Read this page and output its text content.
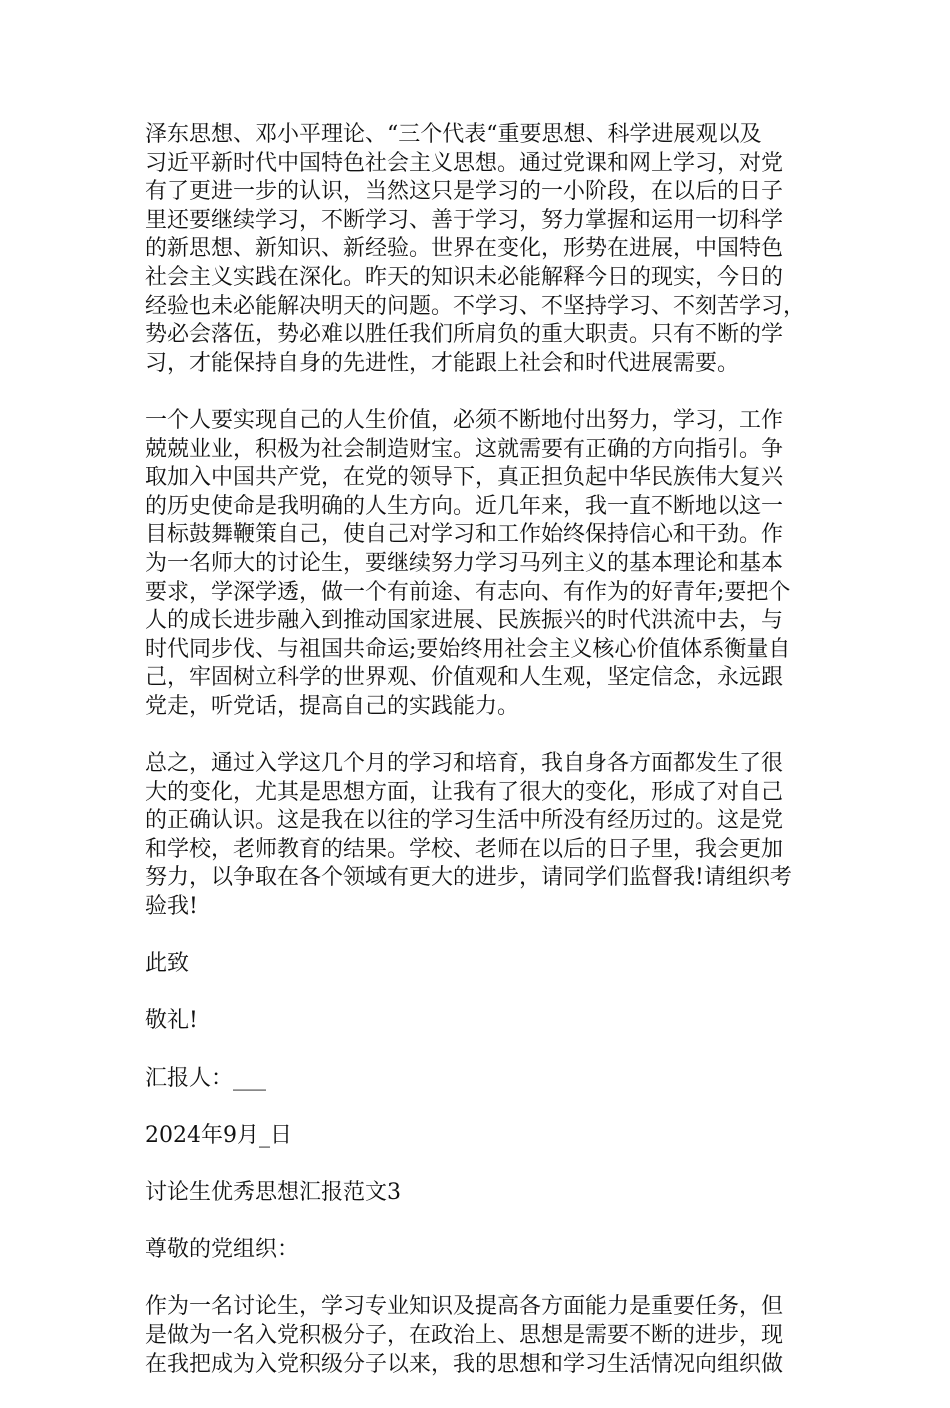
泽东思想、邓小平理论、“三个代表“重要思想、科学进展观以及
习近平新时代中国特色社会主义思想。通过党课和网上学习，对党
有了更进一步的认识，当然这只是学习的一小阶段，在以后的日子
里还要继续学习，不断学习、善于学习，努力掌握和运用一切科学
的新思想、新知识、新经验。世界在变化，形势在进展，中国特色
社会主义实践在深化。昨天的知识未必能解释今日的现实，今日的
经验也未必能解决明天的问题。不学习、不坚持学习、不刻苦学习，
势必会落伍，势必难以胜任我们所肩负的重大职责。只有不断的学
习，才能保持自身的先进性，才能跟上社会和时代进展需要。
一个人要实现自己的人生价值，必须不断地付出努力，学习，工作
兢兢业业，积极为社会制造财宝。这就需要有正确的方向指引。争
取加入中国共产党，在党的领导下，真正担负起中华民族伟大复兴
的历史使命是我明确的人生方向。近几年来，我一直不断地以这一
目标鼓舞鞭策自己，使自己对学习和工作始终保持信心和干劲。作
为一名师大的讨论生，要继续努力学习马列主义的基本理论和基本
要求，学深学透，做一个有前途、有志向、有作为的好青年;要把个
人的成长进步融入到推动国家进展、民族振兴的时代洪流中去，与
时代同步伐、与祖国共命运;要始终用社会主义核心价值体系衡量自
己，牢固树立科学的世界观、价值观和人生观，坚定信念，永远跟
党走，听党话，提高自己的实践能力。
总之，通过入学这几个月的学习和培育，我自身各方面都发生了很
大的变化，尤其是思想方面，让我有了很大的变化，形成了对自己
的正确认识。这是我在以往的学习生活中所没有经历过的。这是党
和学校，老师教育的结果。学校、老师在以后的日子里，我会更加
努力，以争取在各个领域有更大的进步，请同学们监督我!请组织考
验我!
此致
敬礼!
汇报人：___
2024年9月_日
讨论生优秀思想汇报范文3
尊敬的党组织：
作为一名讨论生，学习专业知识及提高各方面能力是重要任务，但
是做为一名入党积极分子，在政治上、思想是需要不断的进步，现
在我把成为入党积级分子以来，我的思想和学习生活情况向组织做
